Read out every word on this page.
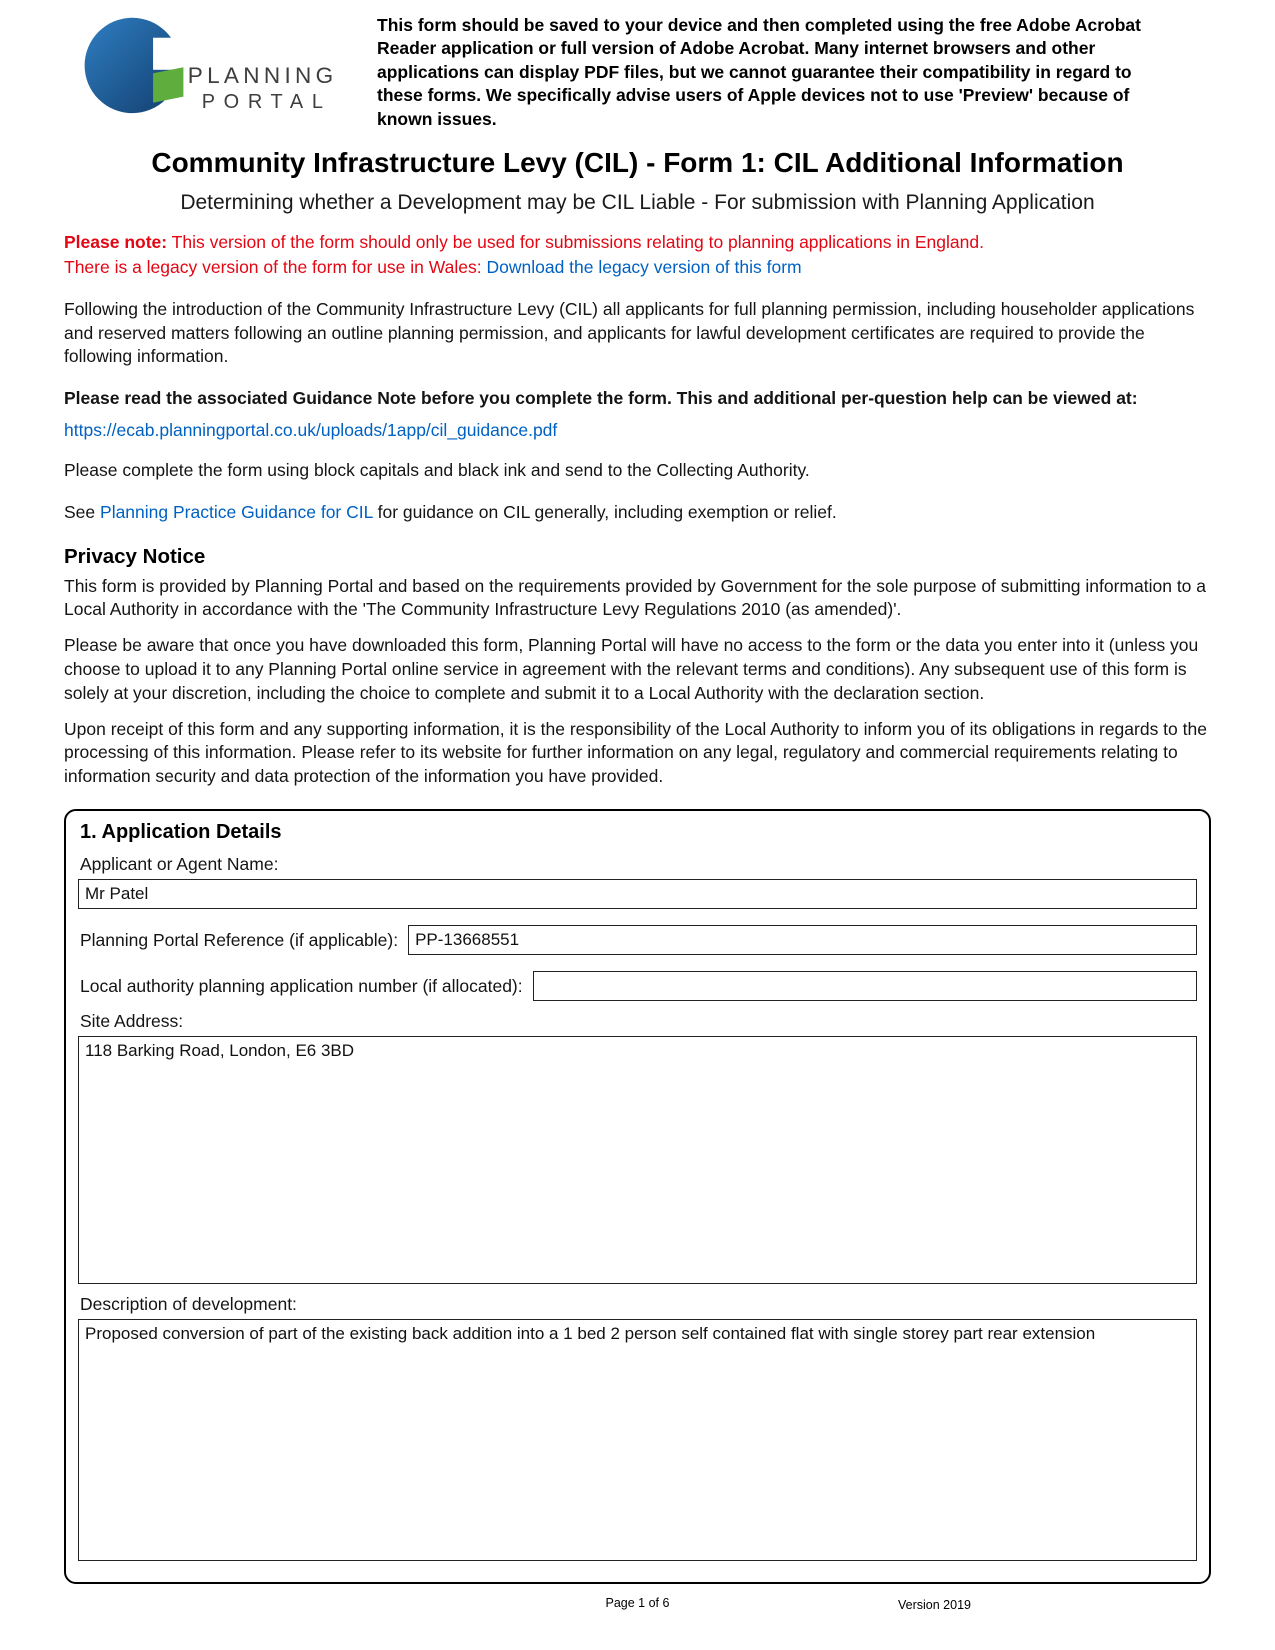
PLANNING
PORTAL

This form should be saved to your device and then completed using the free Adobe Acrobat Reader application or full version of Adobe Acrobat. Many internet browsers and other applications can display PDF files, but we cannot guarantee their compatibility in regard to these forms. We specifically advise users of Apple devices not to use 'Preview' because of known issues.

Community Infrastructure Levy (CIL) - Form 1: CIL Additional Information
Determining whether a Development may be CIL Liable - For submission with Planning Application

Please note: This version of the form should only be used for submissions relating to planning applications in England.
There is a legacy version of the form for use in Wales: Download the legacy version of this form

Following the introduction of the Community Infrastructure Levy (CIL) all applicants for full planning permission, including householder applications and reserved matters following an outline planning permission, and applicants for lawful development certificates are required to provide the following information.

Please read the associated Guidance Note before you complete the form. This and additional per-question help can be viewed at:

https://ecab.planningportal.co.uk/uploads/1app/cil_guidance.pdf

Please complete the form using block capitals and black ink and send to the Collecting Authority.

See Planning Practice Guidance for CIL for guidance on CIL generally, including exemption or relief.

Privacy Notice

This form is provided by Planning Portal and based on the requirements provided by Government for the sole purpose of submitting information to a Local Authority in accordance with the 'The Community Infrastructure Levy Regulations 2010 (as amended)'.

Please be aware that once you have downloaded this form, Planning Portal will have no access to the form or the data you enter into it (unless you choose to upload it to any Planning Portal online service in agreement with the relevant terms and conditions). Any subsequent use of this form is solely at your discretion, including the choice to complete and submit it to a Local Authority with the declaration section.

Upon receipt of this form and any supporting information, it is the responsibility of the Local Authority to inform you of its obligations in regards to the processing of this information. Please refer to its website for further information on any legal, regulatory and commercial requirements relating to information security and data protection of the information you have provided.

1. Application Details
Applicant or Agent Name:
Mr Patel
Planning Portal Reference (if applicable):
PP-13668551
Local authority planning application number (if allocated):
Site Address:
118 Barking Road, London, E6 3BD
Description of development:
Proposed conversion of part of the existing back addition into a 1 bed 2 person self contained flat with single storey part rear extension
Page 1 of 6	Version 2019
